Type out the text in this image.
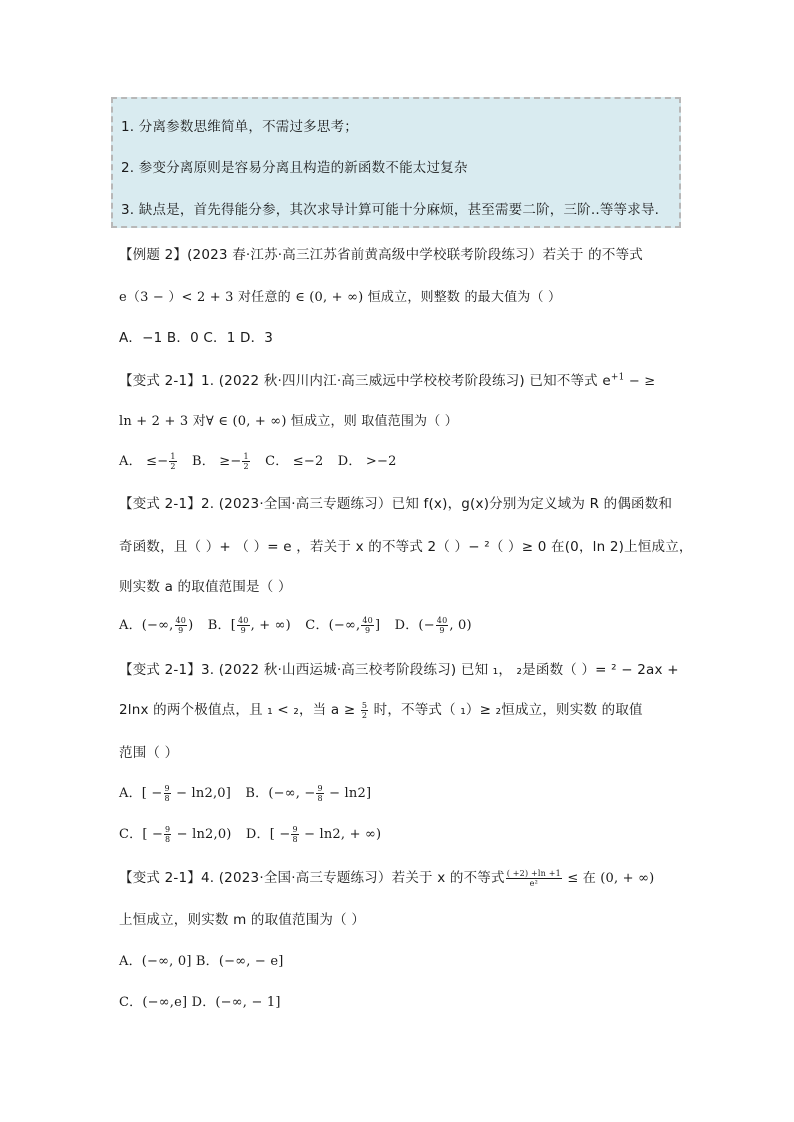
1. 分离参数思维简单，不需过多思考；
2. 参变分离原则是容易分离且构造的新函数不能太过复杂
3. 缺点是，首先得能分参，其次求导计算可能十分麻烦，甚至需要二阶，三阶..等等求导.
【例题 2】(2023 春·江苏·高三江苏省前黄高级中学校联考阶段练习）若关于 的不等式
e（3 − ）< 2 + 3 对任意的 ∈ (0, + ∞) 恒成立，则整数 的最大值为（ ）
A．−1 B．0 C．1 D．3
【变式 2-1】1. (2022 秋·四川内江·高三威远中学校校考阶段练习) 已知不等式 $e^{+1}$ − ≥
ln + 2 + 3 对∀ ∈ (0, + ∞) 恒成立，则 取值范围为（ ）
A． ≤− $\frac{1}{2}$ B． ≥− $\frac{1}{2}$ C． ≤−2 D． >−2
【变式 2-1】2. (2023·全国·高三专题练习）已知 f(x)，g(x)分别为定义域为 R 的偶函数和
奇函数，且（ ）+ （ ）= e ，若关于 x 的不等式 2（ ）− ²（ ）≥ 0 在(0，ln 2)上恒成立，
则实数 a 的取值范围是（ ）
A．(−∞, $\frac{40}{9}$ ) B．[ $\frac{40}{9}$ , + ∞) C．(−∞, $\frac{40}{9}$ ] D．(− $\frac{40}{9}$ , 0)
【变式 2-1】3. (2022 秋·山西运城·高三校考阶段练习) 已知 ₁， ₂是函数（ ）= ² − 2ax +
2lnx 的两个极值点，且 ₁ < ₂，当 $a \ge \frac{5}{2}$ 时，不等式（ ₁）≥ ₂恒成立，则实数 的取值
范围（ ）
A．[ − $\frac{9}{8} - \ln 2,0$] B．(−∞, − $\frac{9}{8} - \ln 2$]
C．[ − $\frac{9}{8} - \ln 2,0$) D．[ − $\frac{9}{8} - \ln 2$, + ∞)
【变式 2-1】4. (2023·全国·高三专题练习）若关于 x 的不等式 $\frac{( +2) +\ln +1}{\text{e²}}$ ≤ 在 (0, + ∞)
上恒成立，则实数 m 的取值范围为（ ）
A．(−∞, 0] B．(−∞, − e]
C．(−∞,e] D．(−∞, − 1]
